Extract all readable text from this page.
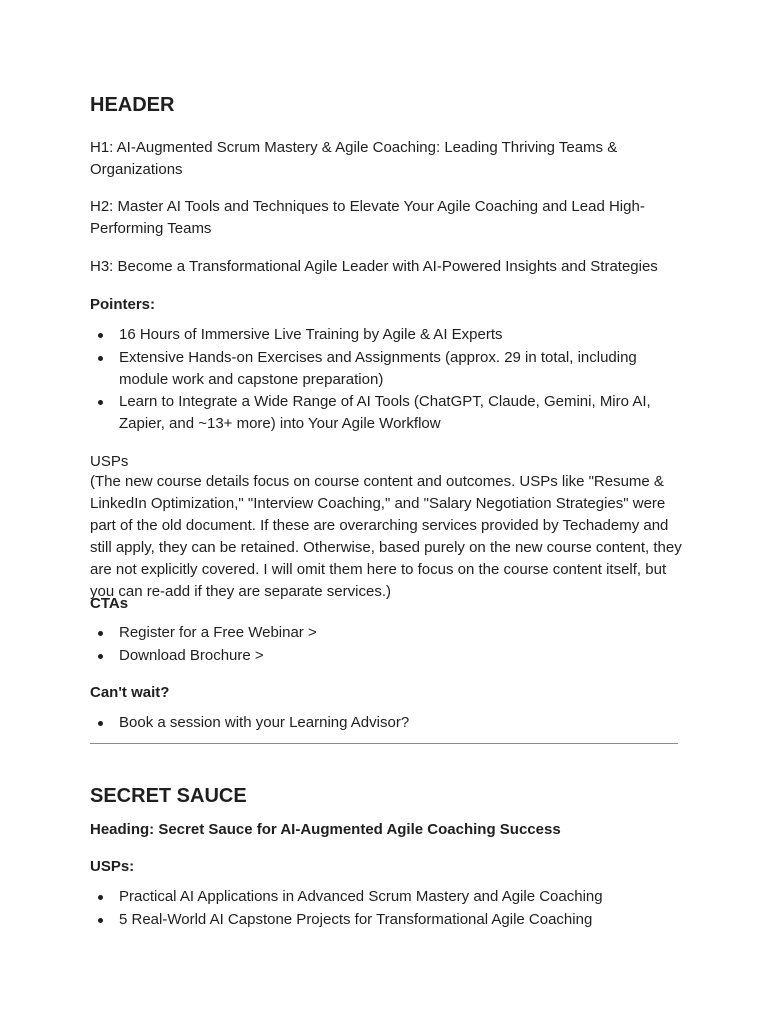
HEADER

H1: AI-Augmented Scrum Mastery & Agile Coaching: Leading Thriving Teams & Organizations

H2: Master AI Tools and Techniques to Elevate Your Agile Coaching and Lead High-Performing Teams

H3: Become a Transformational Agile Leader with AI-Powered Insights and Strategies

Pointers:

16 Hours of Immersive Live Training by Agile & AI Experts
Extensive Hands-on Exercises and Assignments (approx. 29 in total, including module work and capstone preparation)
Learn to Integrate a Wide Range of AI Tools (ChatGPT, Claude, Gemini, Miro AI, Zapier, and ~13+ more) into Your Agile Workflow

USPs

(The new course details focus on course content and outcomes. USPs like "Resume & LinkedIn Optimization," "Interview Coaching," and "Salary Negotiation Strategies" were part of the old document. If these are overarching services provided by Techademy and still apply, they can be retained. Otherwise, based purely on the new course content, they are not explicitly covered. I will omit them here to focus on the course content itself, but you can re-add if they are separate services.)

CTAs

Register for a Free Webinar >
Download Brochure >

Can't wait?

Book a session with your Learning Advisor?
SECRET SAUCE

Heading: Secret Sauce for AI-Augmented Agile Coaching Success

USPs:

Practical AI Applications in Advanced Scrum Mastery and Agile Coaching
5 Real-World AI Capstone Projects for Transformational Agile Coaching
